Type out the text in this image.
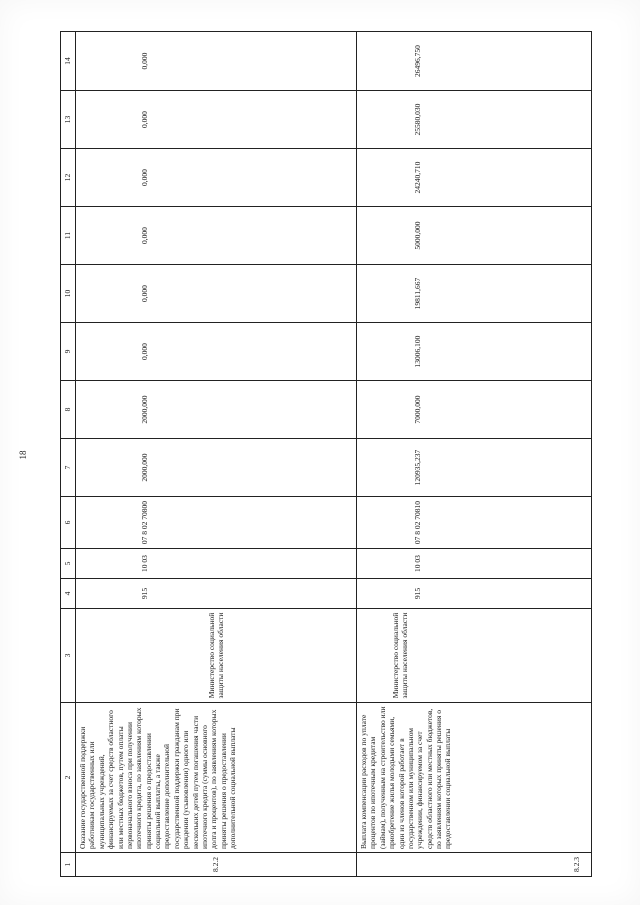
18
1	2	3	4	5	6	7	8	9	10	11	12	13	14
8.2.2	Оказание государственной поддержки работникам государственных или муниципальных учреждений, финансируемых за счет средств областного или местных бюджетов, путем оплаты первоначального взноса при получении ипотечного кредита, по заявлениям которых приняты решения о предоставлении социальной выплаты, а также предоставление дополнительной государственной поддержки гражданам при рождении (усыновлении) одного или нескольких детей путем погашения части ипотечного кредита (суммы основного долга и процентов), по заявлениям которых приняты решения о предоставлении дополнительной социальной выплаты	Министерство социальной защиты населения области	915	10 03	07 8 02 70800	2000,000	2000,000	0,000	0,000	0,000	0,000	0,000	0,000
8.2.3	Выплата компенсации расходов по уплате процентов по ипотечным кредитам (займам), полученным на строительство или приобретение жилья молодыми семьями, один из членов которой работает в государственном или муниципальном учреждении, финансируемом за счет средств областного или местных бюджетов, по заявлениям которых приняты решения о предоставлении социальной выплаты	Министерство социальной защиты населения области	915	10 03	07 8 02 70810	120935,237	7000,000	13006,100	19811,667	5000,000	24240,710	25580,030	26496,750
